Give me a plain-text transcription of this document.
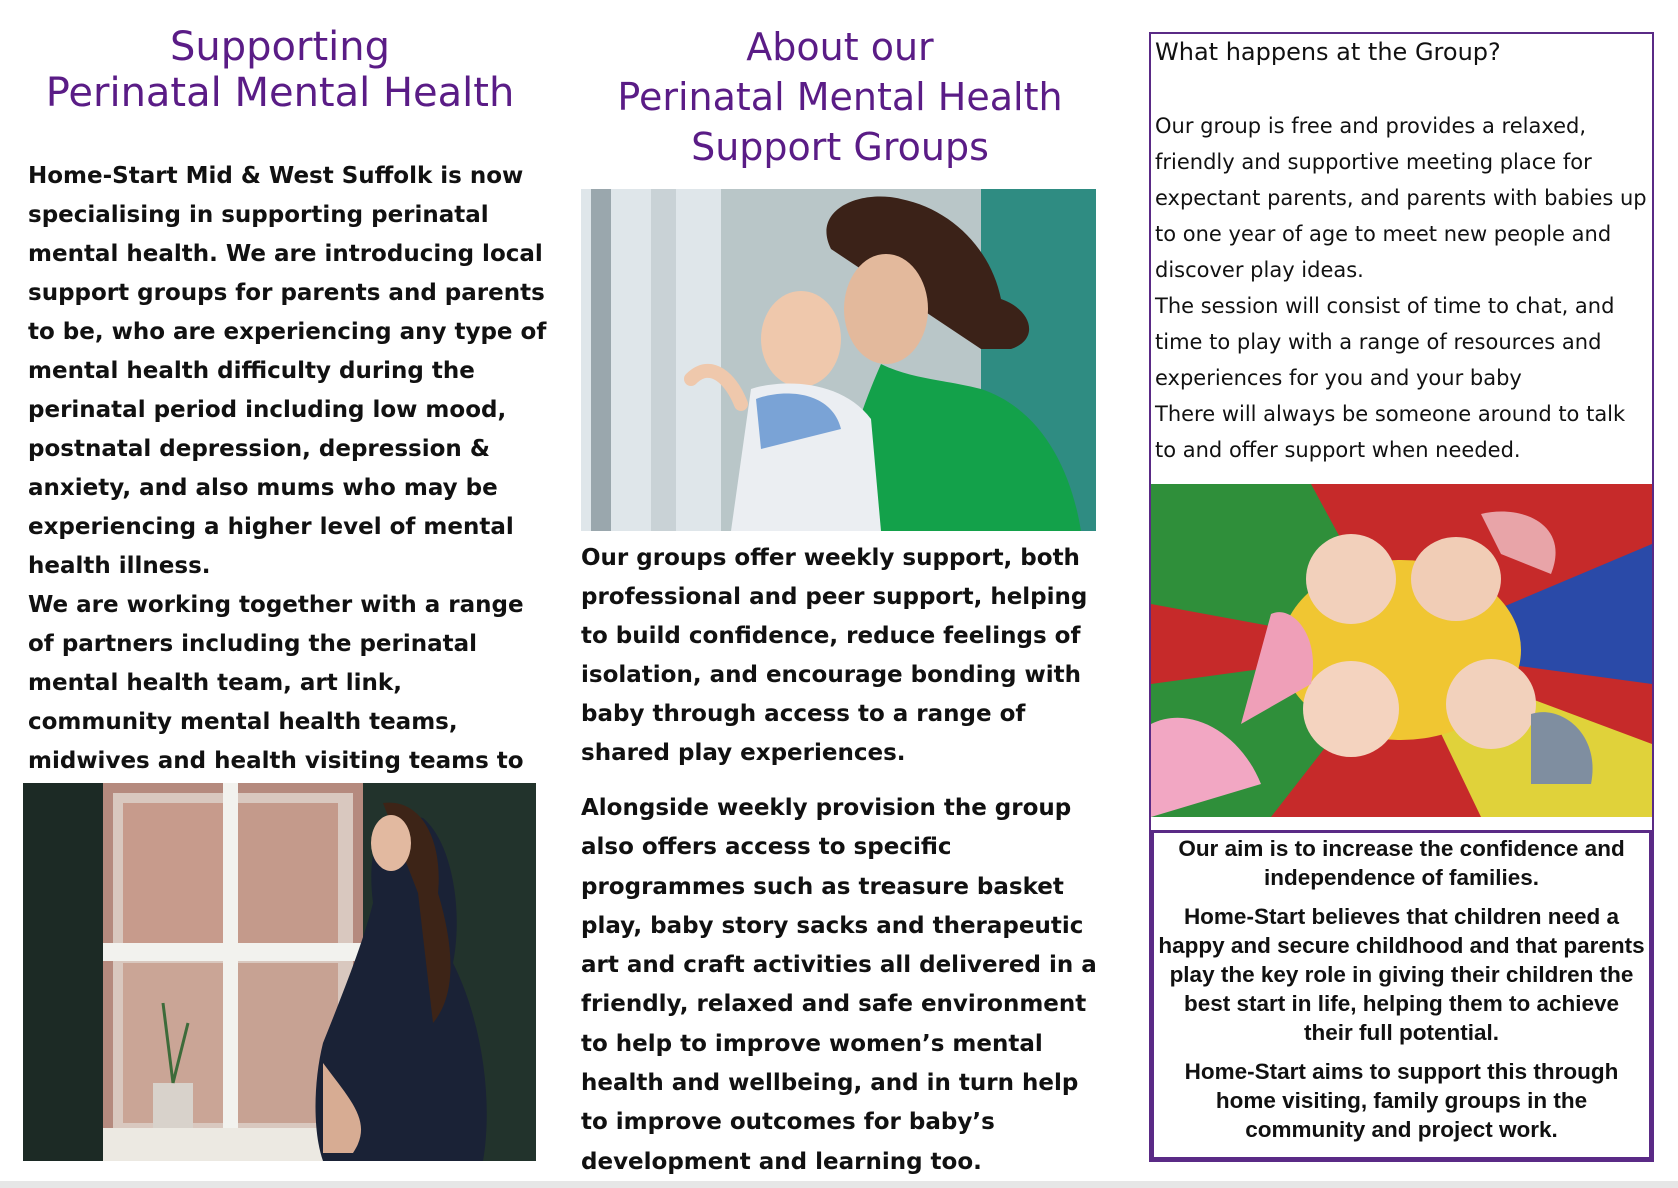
Supporting
Perinatal Mental Health

Home-Start Mid & West Suffolk is now specialising in supporting perinatal mental health. We are introducing local support groups for parents and parents to be, who are experiencing any type of mental health difficulty during the perinatal period including low mood, postnatal depression, depression & anxiety, and also mums who may be experiencing a higher level of mental health illness.

We are working together with a range of partners including the perinatal mental health team, art link, community mental health teams, midwives and health visiting teams to

About our
Perinatal Mental Health
Support Groups
Our groups offer weekly support, both professional and peer support, helping to build confidence, reduce feelings of isolation, and encourage bonding with baby through access to a range of shared play experiences.
Alongside weekly provision the group also offers access to specific programmes such as treasure basket play, baby story sacks and therapeutic art and craft activities all delivered in a friendly, relaxed and safe environment to help to improve women’s mental health and wellbeing, and in turn help to improve outcomes for baby’s development and learning too.
What happens at the Group?

Our group is free and provides a relaxed, friendly and supportive meeting place for expectant parents, and parents with babies up to one year of age to meet new people and discover play ideas.

The session will consist of time to chat, and time to play with a range of resources and experiences for you and your baby

There will always be someone around to talk to and offer support when needed.

Our aim is to increase the confidence and independence of families.

Home-Start believes that children need a happy and secure childhood and that parents play the key role in giving their children the best start in life, helping them to achieve their full potential.

Home-Start aims to support this through home visiting, family groups in the community and project work.
